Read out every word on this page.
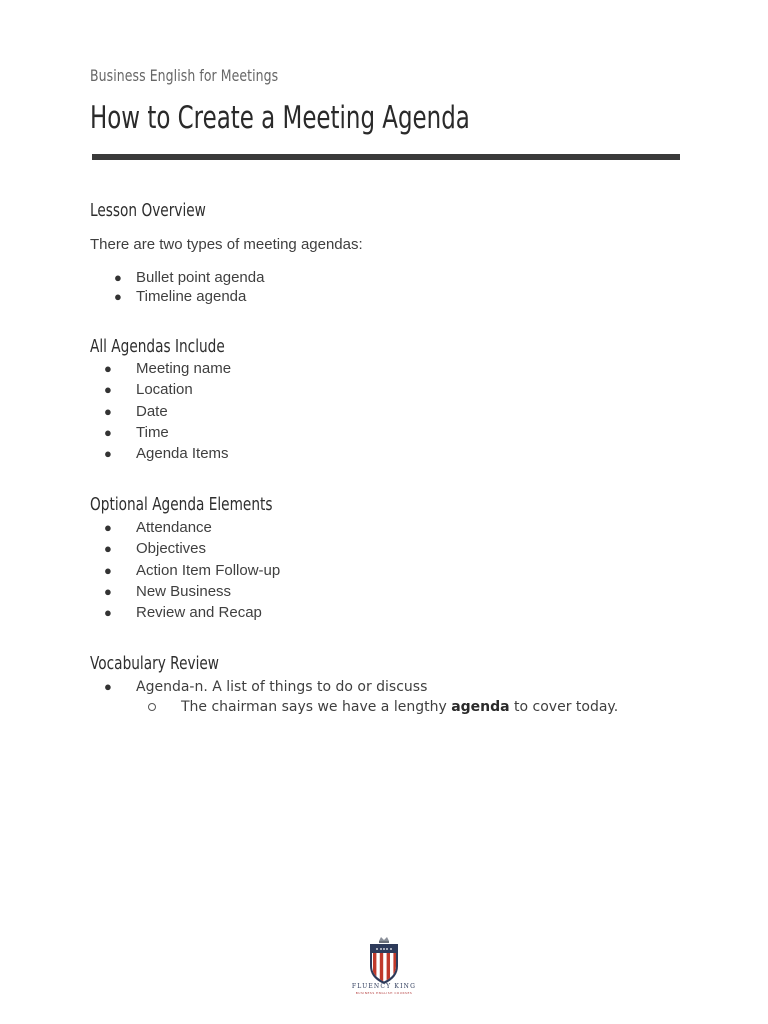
Business English for Meetings
How to Create a Meeting Agenda
Lesson Overview
There are two types of meeting agendas:
● Bullet point agenda
● Timeline agenda
All Agendas Include
● Meeting name
● Location
● Date
● Time
● Agenda Items
Optional Agenda Elements
● Attendance
● Objectives
● Action Item Follow-up
● New Business
● Review and Recap
Vocabulary Review
● Agenda-n. A list of things to do or discuss
The chairman says we have a lengthy agenda to cover today.
FLUENCY KING
BUSINESS ENGLISH COURSES
